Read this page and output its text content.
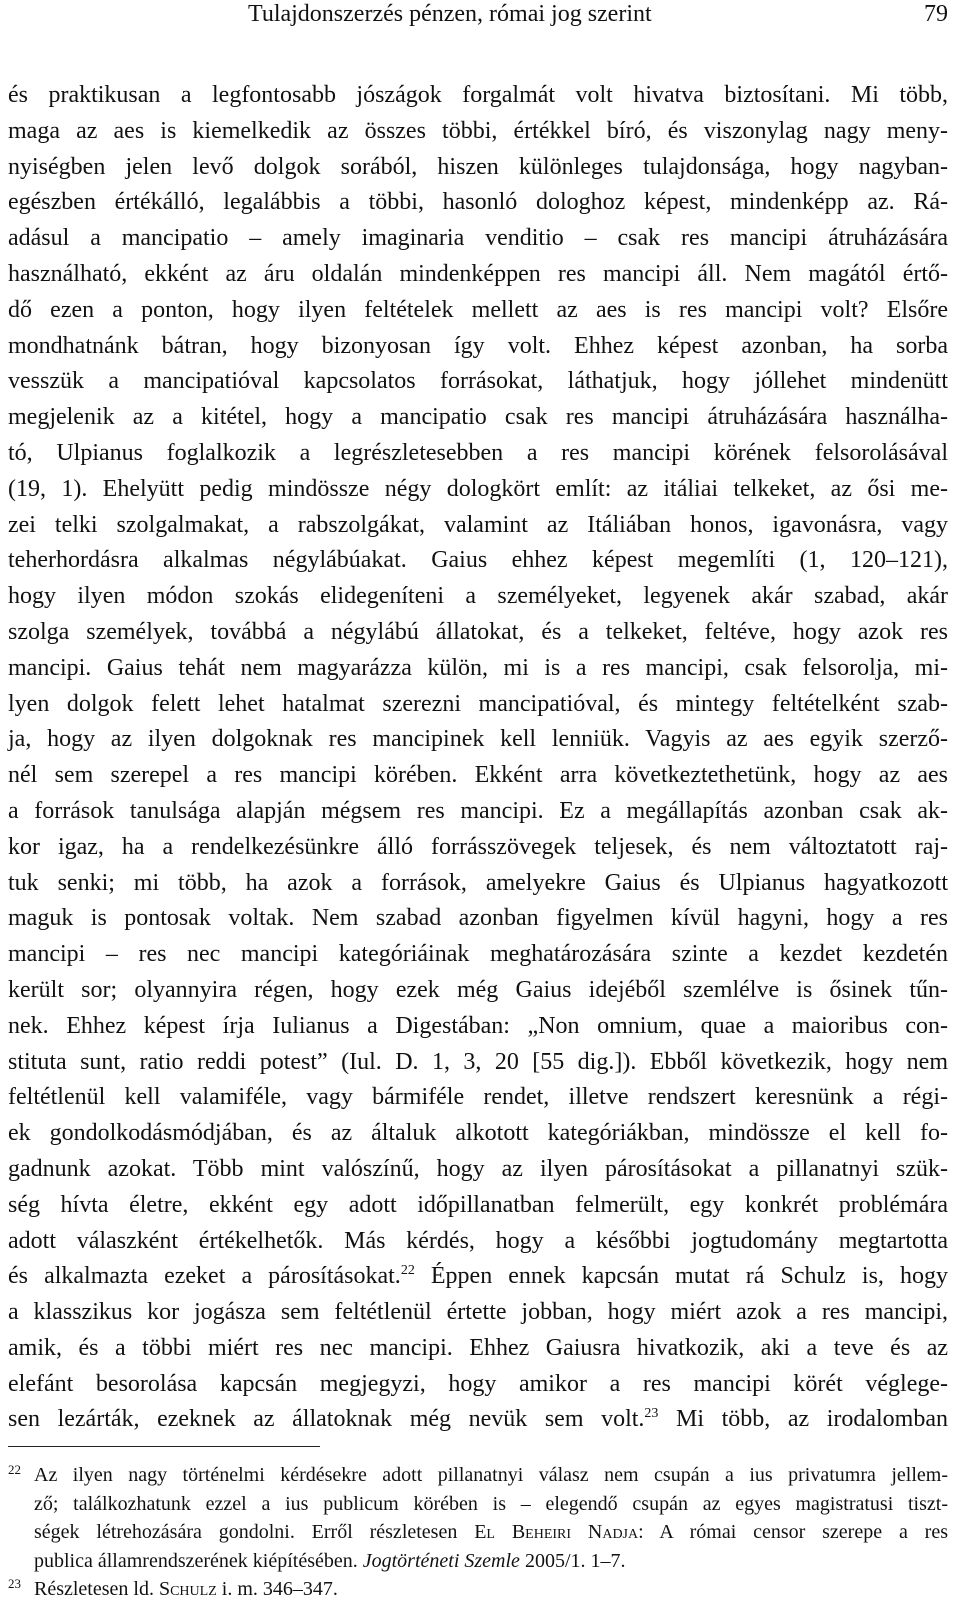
Tulajdonszerzés pénzen, római jog szerint	79
és praktikusan a legfontosabb jószágok forgalmát volt hivatva biztosítani. Mi több,
maga az aes is kiemelkedik az összes többi, értékkel bíró, és viszonylag nagy meny-
nyiségben jelen levő dolgok sorából, hiszen különleges tulajdonsága, hogy nagyban-
egészben értékálló, legalábbis a többi, hasonló dologhoz képest, mindenképp az. Rá-
adásul a mancipatio – amely imaginaria venditio – csak res mancipi átruházására
használható, ekként az áru oldalán mindenképpen res mancipi áll. Nem magától értő-
dő ezen a ponton, hogy ilyen feltételek mellett az aes is res mancipi volt? Elsőre
mondhatnánk bátran, hogy bizonyosan így volt. Ehhez képest azonban, ha sorba
vesszük a mancipatióval kapcsolatos forrásokat, láthatjuk, hogy jóllehet mindenütt
megjelenik az a kitétel, hogy a mancipatio csak res mancipi átruházására használha-
tó, Ulpianus foglalkozik a legrészletesebben a res mancipi körének felsorolásával
(19, 1). Ehelyütt pedig mindössze négy dologkört említ: az itáliai telkeket, az ősi me-
zei telki szolgalmakat, a rabszolgákat, valamint az Itáliában honos, igavonásra, vagy
teherhordásra alkalmas négylábúakat. Gaius ehhez képest megemlíti (1, 120–121),
hogy ilyen módon szokás elidegeníteni a személyeket, legyenek akár szabad, akár
szolga személyek, továbbá a négylábú állatokat, és a telkeket, feltéve, hogy azok res
mancipi. Gaius tehát nem magyarázza külön, mi is a res mancipi, csak felsorolja, mi-
lyen dolgok felett lehet hatalmat szerezni mancipatióval, és mintegy feltételként szab-
ja, hogy az ilyen dolgoknak res mancipinek kell lenniük. Vagyis az aes egyik szerző-
nél sem szerepel a res mancipi körében. Ekként arra következtethetünk, hogy az aes
a források tanulsága alapján mégsem res mancipi. Ez a megállapítás azonban csak ak-
kor igaz, ha a rendelkezésünkre álló forrásszövegek teljesek, és nem változtatott raj-
tuk senki; mi több, ha azok a források, amelyekre Gaius és Ulpianus hagyatkozott
maguk is pontosak voltak. Nem szabad azonban figyelmen kívül hagyni, hogy a res
mancipi – res nec mancipi kategóriáinak meghatározására szinte a kezdet kezdetén
került sor; olyannyira régen, hogy ezek még Gaius idejéből szemlélve is ősinek tűn-
nek. Ehhez képest írja Iulianus a Digestában: „Non omnium, quae a maioribus con-
stituta sunt, ratio reddi potest” (Iul. D. 1, 3, 20 [55 dig.]). Ebből következik, hogy nem
feltétlenül kell valamiféle, vagy bármiféle rendet, illetve rendszert keresnünk a régi-
ek gondolkodásmódjában, és az általuk alkotott kategóriákban, mindössze el kell fo-
gadnunk azokat. Több mint valószínű, hogy az ilyen párosításokat a pillanatnyi szük-
ség hívta életre, ekként egy adott időpillanatban felmerült, egy konkrét problémára
adott válaszként értékelhetők. Más kérdés, hogy a későbbi jogtudomány megtartotta
és alkalmazta ezeket a párosításokat.$^{22}$ Éppen ennek kapcsán mutat rá Schulz is, hogy
a klasszikus kor jogásza sem feltétlenül értette jobban, hogy miért azok a res mancipi,
amik, és a többi miért res nec mancipi. Ehhez Gaiusra hivatkozik, aki a teve és az
elefánt besorolása kapcsán megjegyzi, hogy amikor a res mancipi körét véglege-
sen lezárták, ezeknek az állatoknak még nevük sem volt.$^{23}$ Mi több, az irodalomban
22 Az ilyen nagy történelmi kérdésekre adott pillanatnyi válasz nem csupán a ius privatumra jellem-
ző; találkozhatunk ezzel a ius publicum körében is – elegendő csupán az egyes magistratusi tiszt-
ségek létrehozására gondolni. Erről részletesen El Beheiri Nadja: A római censor szerepe a res
publica államrendszerének kiépítésében. Jogtörténeti Szemle 2005/1. 1–7.
23 Részletesen ld. Schulz i. m. 346–347.
